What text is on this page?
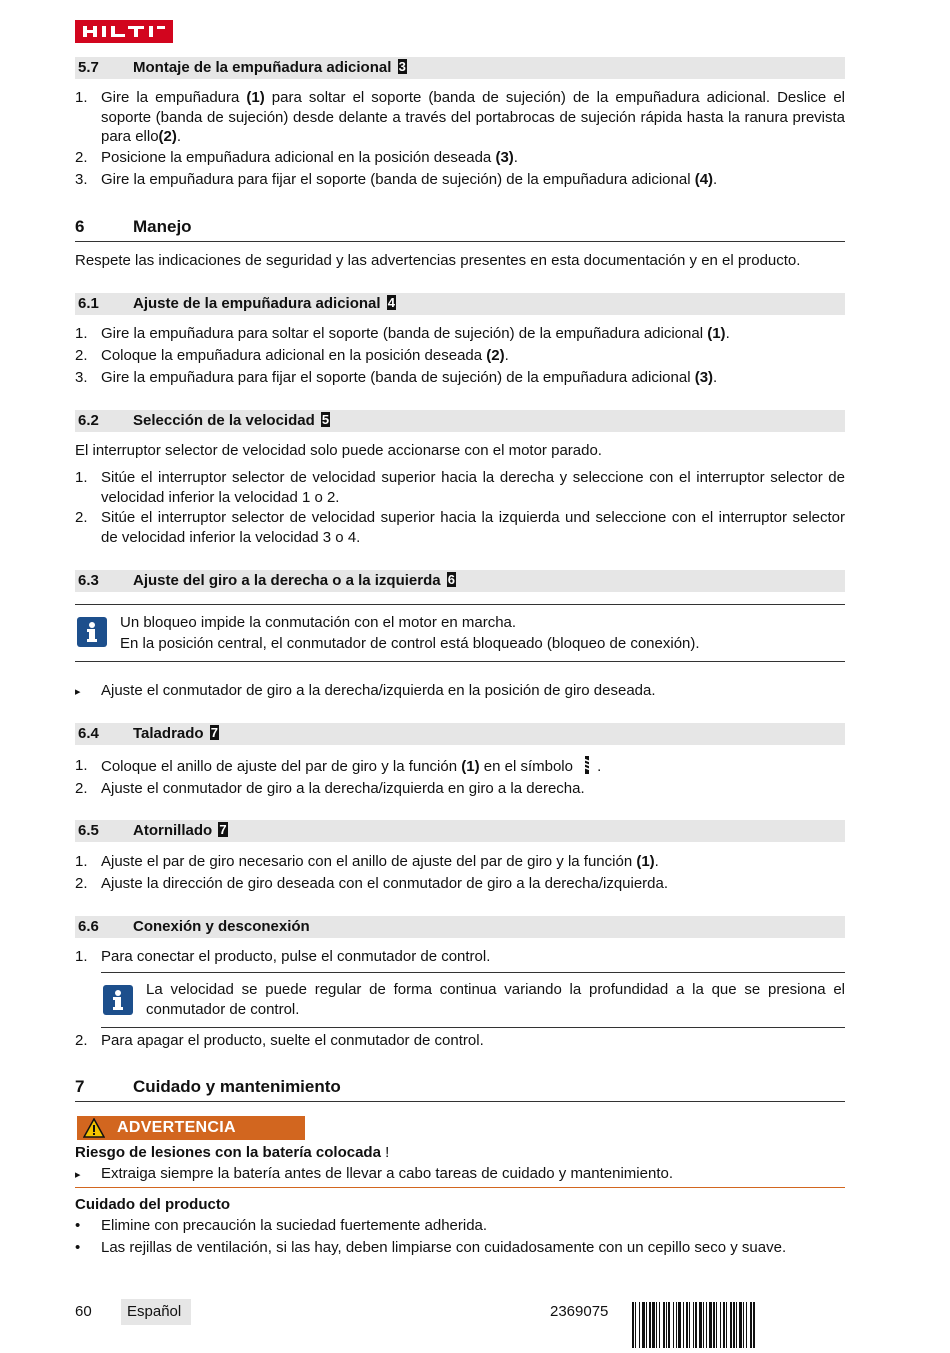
5.7 Montaje de la empuñadura adicional 3
1. Gire la empuñadura (1) para soltar el soporte (banda de sujeción) de la empuñadura adicional. Deslice el soporte (banda de sujeción) desde delante a través del portabrocas de sujeción rápida hasta la ranura prevista para ello(2).
2. Posicione la empuñadura adicional en la posición deseada (3).
3. Gire la empuñadura para fijar el soporte (banda de sujeción) de la empuñadura adicional (4).
6	Manejo
Respete las indicaciones de seguridad y las advertencias presentes en esta documentación y en el producto.
6.1 Ajuste de la empuñadura adicional 4
1. Gire la empuñadura para soltar el soporte (banda de sujeción) de la empuñadura adicional (1).
2. Coloque la empuñadura adicional en la posición deseada (2).
3. Gire la empuñadura para fijar el soporte (banda de sujeción) de la empuñadura adicional (3).
6.2 Selección de la velocidad 5
El interruptor selector de velocidad solo puede accionarse con el motor parado.
1. Sitúe el interruptor selector de velocidad superior hacia la derecha y seleccione con el interruptor selector de velocidad inferior la velocidad 1 o 2.
2. Sitúe el interruptor selector de velocidad superior hacia la izquierda und seleccione con el interruptor selector de velocidad inferior la velocidad 3 o 4.
6.3 Ajuste del giro a la derecha o a la izquierda 6
Un bloqueo impide la conmutación con el motor en marcha.
En la posición central, el conmutador de control está bloqueado (bloqueo de conexión).
▸ Ajuste el conmutador de giro a la derecha/izquierda en la posición de giro deseada.
6.4 Taladrado 7
1. Coloque el anillo de ajuste del par de giro y la función (1) en el símbolo .
2. Ajuste el conmutador de giro a la derecha/izquierda en giro a la derecha.
6.5 Atornillado 7
1. Ajuste el par de giro necesario con el anillo de ajuste del par de giro y la función (1).
2. Ajuste la dirección de giro deseada con el conmutador de giro a la derecha/izquierda.
6.6 Conexión y desconexión
1. Para conectar el producto, pulse el conmutador de control.
La velocidad se puede regular de forma continua variando la profundidad a la que se presiona el conmutador de control.
2. Para apagar el producto, suelte el conmutador de control.
7	Cuidado y mantenimiento
ADVERTENCIA
Riesgo de lesiones con la batería colocada !
▸ Extraiga siempre la batería antes de llevar a cabo tareas de cuidado y mantenimiento.
Cuidado del producto
• Elimine con precaución la suciedad fuertemente adherida.
• Las rejillas de ventilación, si las hay, deben limpiarse con cuidadosamente con un cepillo seco y suave.
60 Español	2369075
